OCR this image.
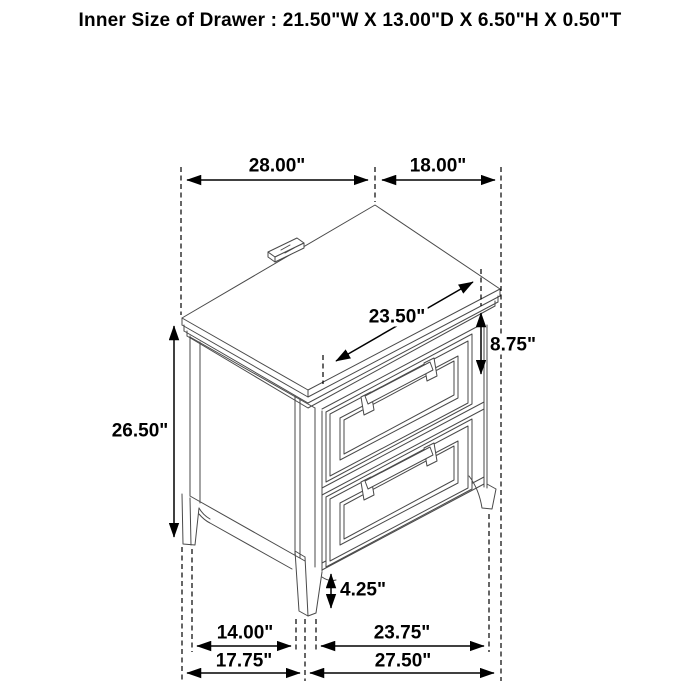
Inner Size of Drawer : 21.50"W X 13.00"D X 6.50"H X 0.50"T
28.00"	18.00"
23.50"
8.75"
26.50"
4.25"
14.00"	23.75"
17.75"	27.50"
